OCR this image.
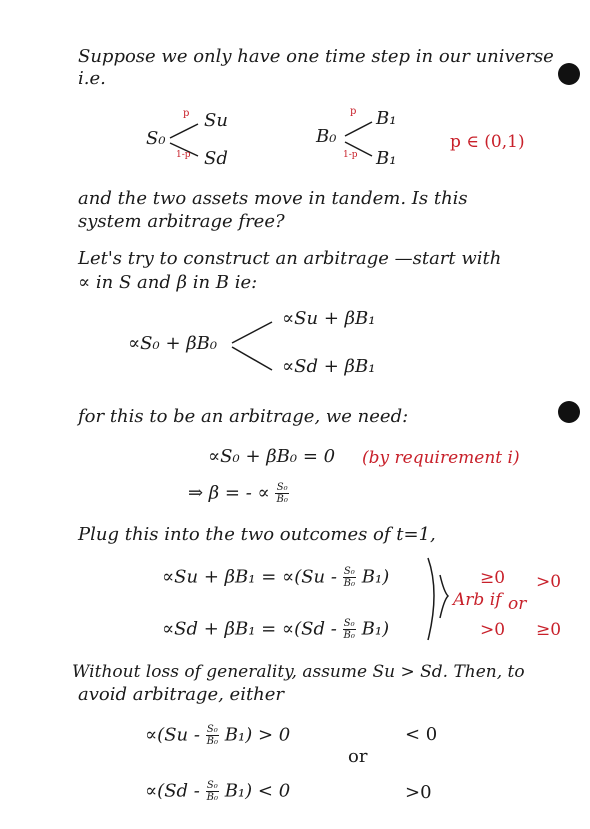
Suppose we only have one time step in our universe
i.e.
S₀
p Su
1-p Sd
B₀
p B₁
1-p B₁
p ∈ (0,1)
and the two assets move in tandem. Is this
system arbitrage free?
Let's try to construct an arbitrage —start with
∝ in S and β in B ie:
∝S₀ + βB₀
∝Su + βB₁
∝Sd + βB₁
for this to be an arbitrage, we need:
∝S₀ + βB₀ = 0 (by requirement i)
⇒ β = - ∝ $\frac{\text{S₀}}{\text{B₀}}$
Plug this into the two outcomes of t=1,
$\propto Su + \beta B_1 = \propto(Su - \frac{\text{S₀}}{\text{B₀}} B_1)$
$\propto Sd + \beta B_1 = \propto(Sd - \frac{\text{S₀}}{\text{B₀}} B_1)$
≥0 >0
Arb if or
>0 ≥0
Without loss of generality, assume Su > Sd. Then, to
avoid arbitrage, either
$\propto(Su - \frac{\text{S₀}}{\text{B₀}} B_1) > 0$	< 0
or
$\propto(Sd - \frac{\text{S₀}}{\text{B₀}} B_1) < 0$	>0
